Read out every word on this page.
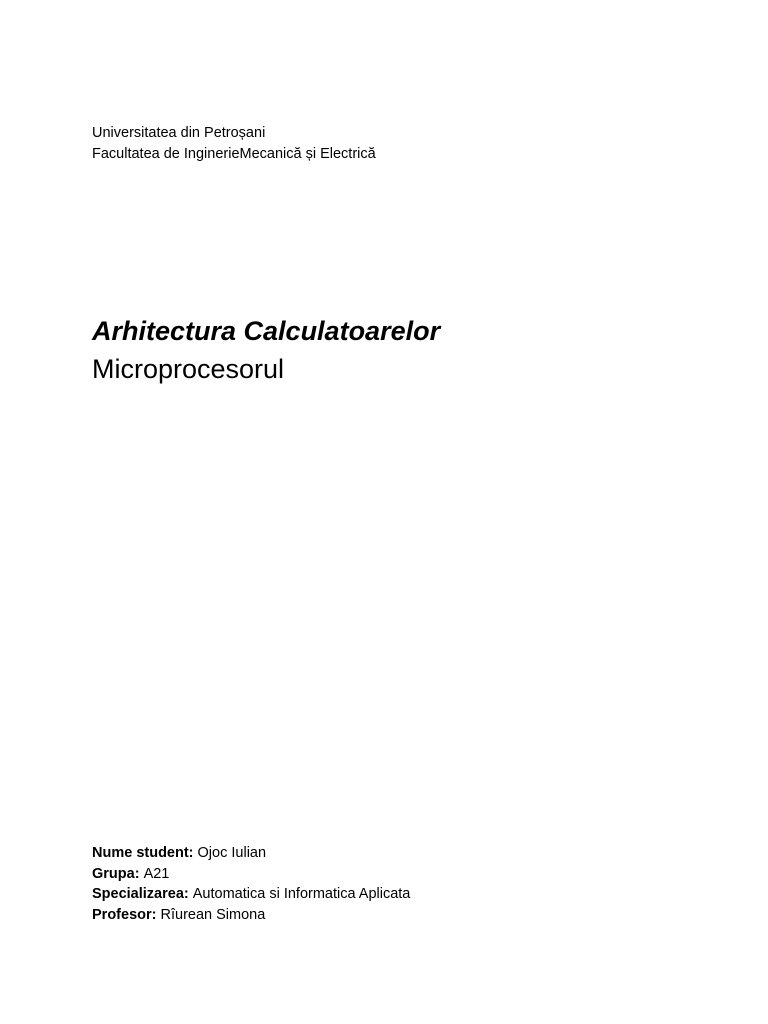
Universitatea din Petroșani
Facultatea de IngineriеMecanică și Electrică
Arhitectura Calculatoarelor
Microprocesorul
Nume student: Ojoc Iulian
Grupa: A21
Specializarea: Automatica si Informatica Aplicata
Profesor: Rîurean Simona
